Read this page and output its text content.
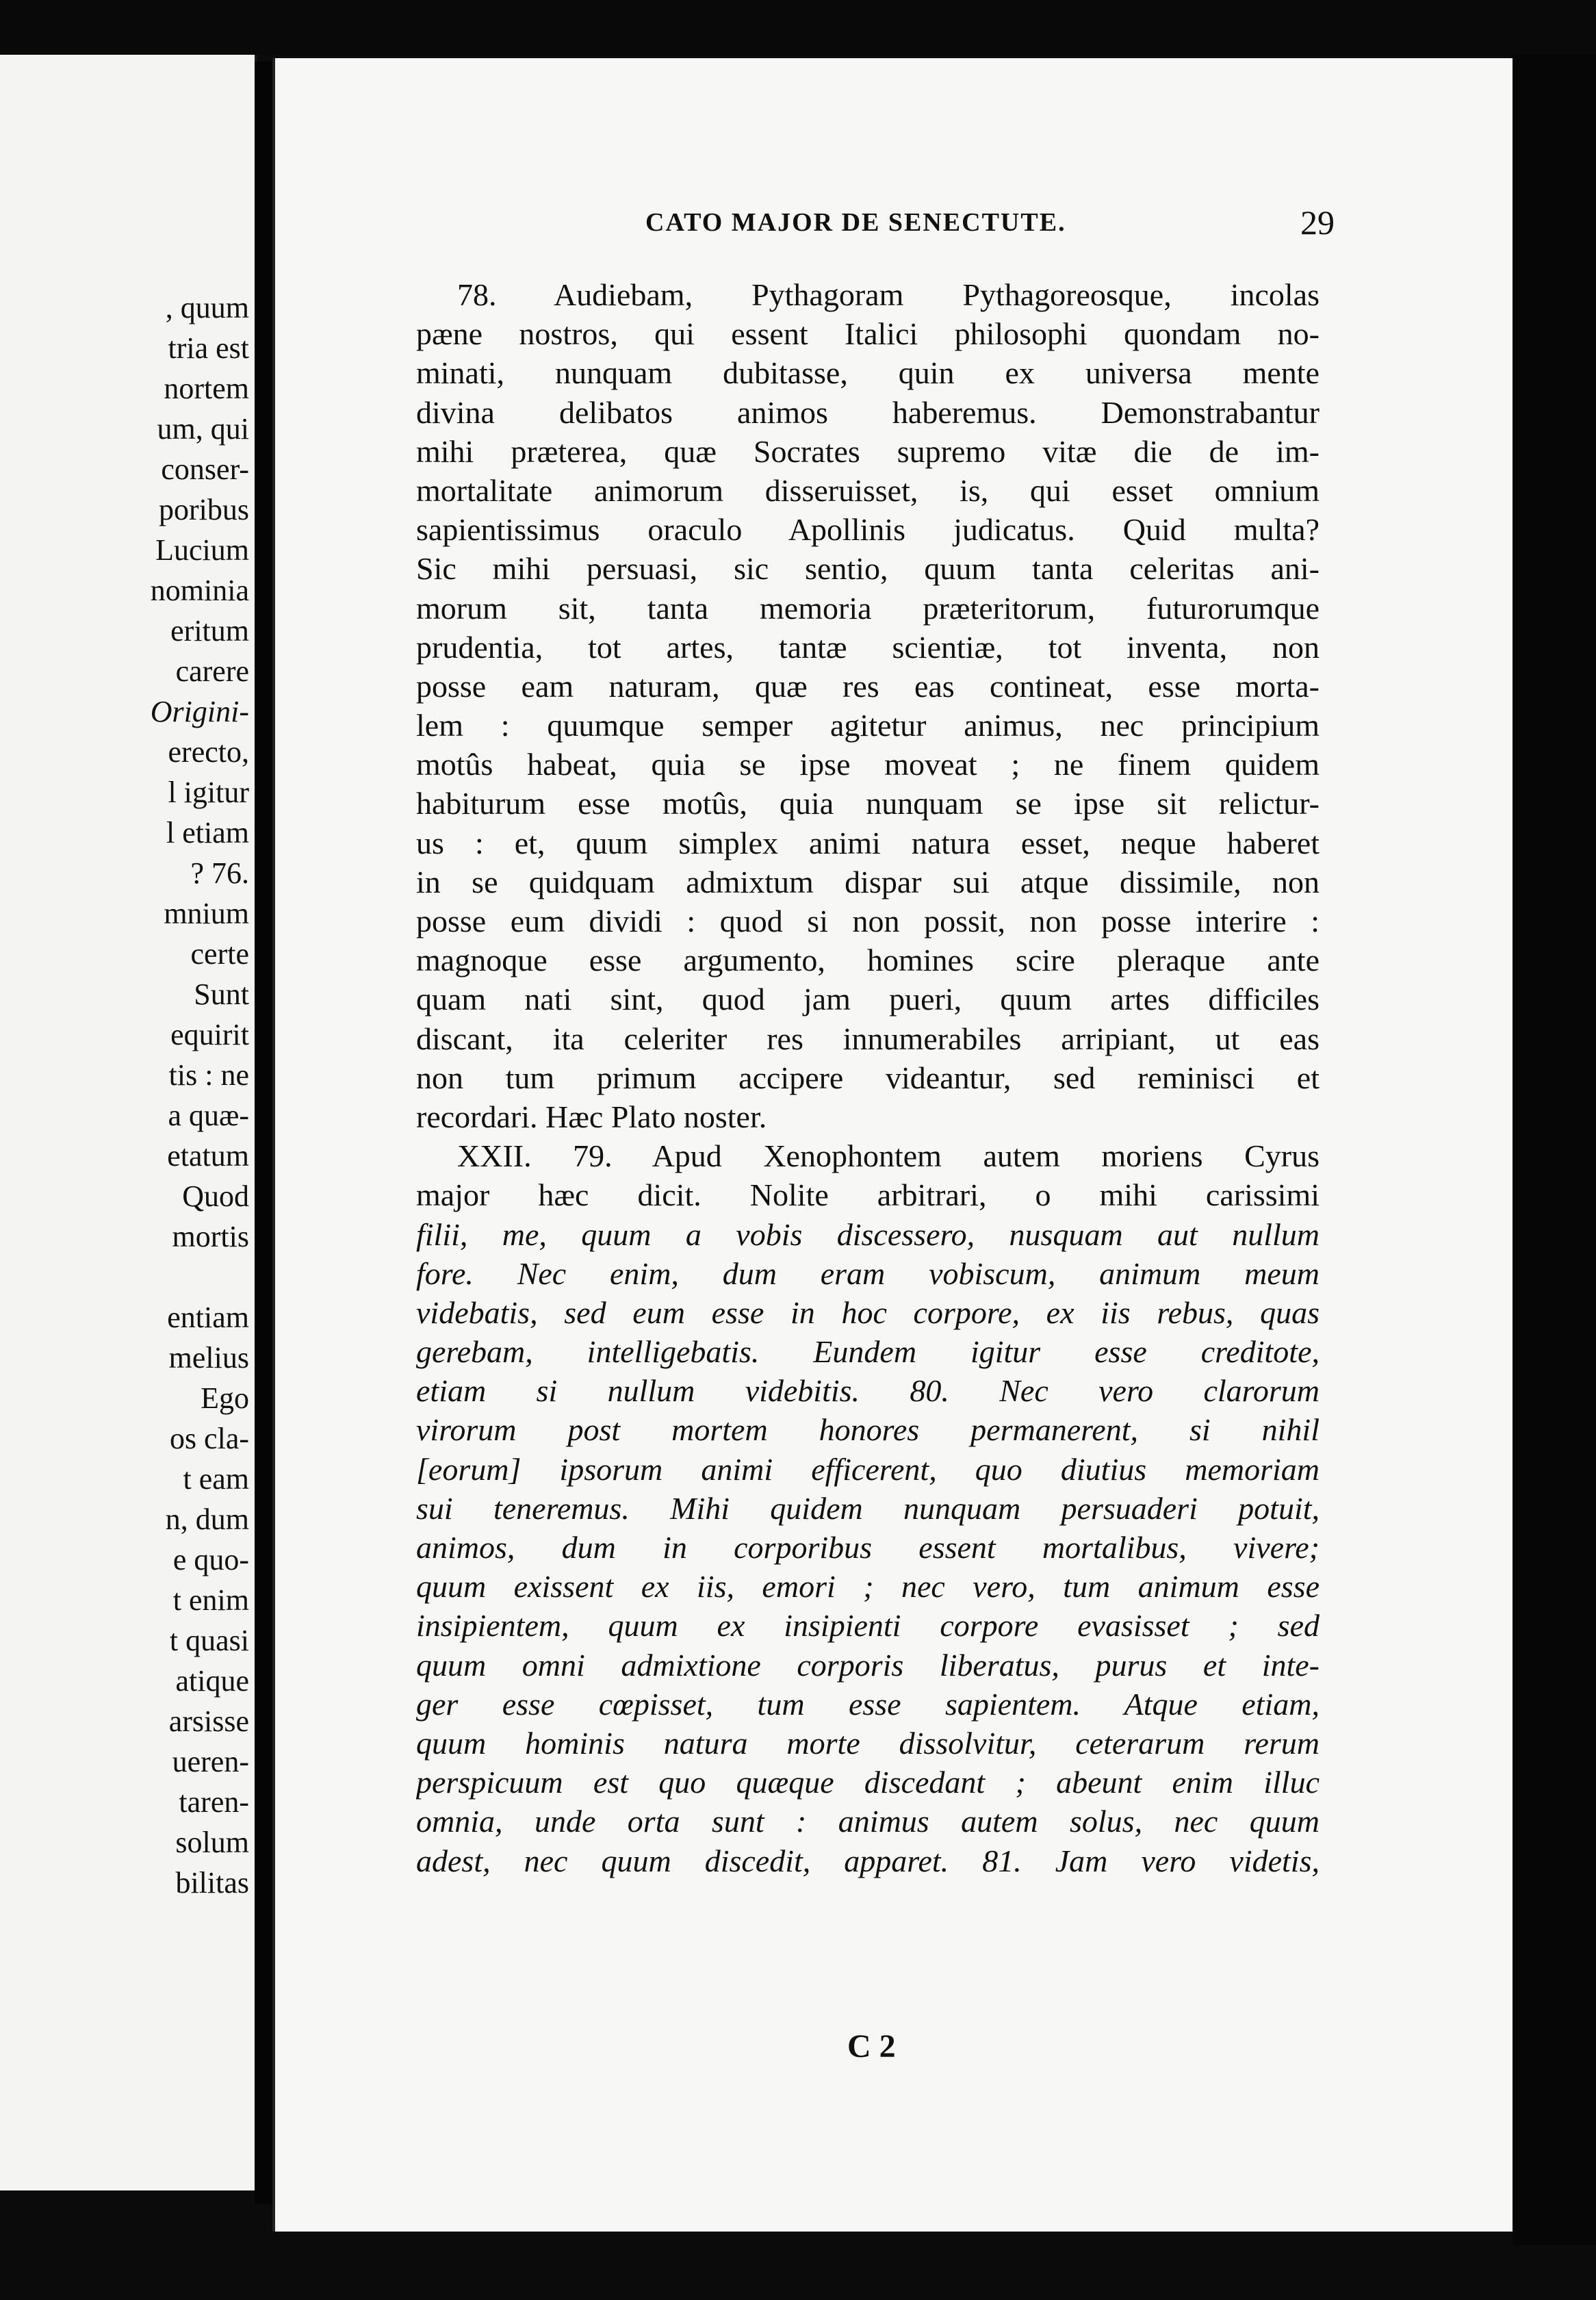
, quum
tria est
nortem
um, qui
conser-
poribus
Lucium
nominia
eritum
carere
Origini-
erecto,
l igitur
l etiam
? 76.
mnium
certe
Sunt
equirit
tis : ne
a quæ-
etatum
Quod
mortis
entiam
melius
Ego
os cla-
t eam
n, dum
e quo-
t enim
t quasi
atique
arsisse
ueren-
taren-
solum
bilitas
CATO MAJOR DE SENECTUTE.	29
78. Audiebam, Pythagoram Pythagoreosque, incolas
pæne nostros, qui essent Italici philosophi quondam no-
minati, nunquam dubitasse, quin ex universa mente
divina delibatos animos haberemus. Demonstrabantur
mihi præterea, quæ Socrates supremo vitæ die de im-
mortalitate animorum disseruisset, is, qui esset omnium
sapientissimus oraculo Apollinis judicatus. Quid multa?
Sic mihi persuasi, sic sentio, quum tanta celeritas ani-
morum sit, tanta memoria præteritorum, futurorumque
prudentia, tot artes, tantæ scientiæ, tot inventa, non
posse eam naturam, quæ res eas contineat, esse morta-
lem : quumque semper agitetur animus, nec principium
motûs habeat, quia se ipse moveat ; ne finem quidem
habiturum esse motûs, quia nunquam se ipse sit relictur-
us : et, quum simplex animi natura esset, neque haberet
in se quidquam admixtum dispar sui atque dissimile, non
posse eum dividi : quod si non possit, non posse interire :
magnoque esse argumento, homines scire pleraque ante
quam nati sint, quod jam pueri, quum artes difficiles
discant, ita celeriter res innumerabiles arripiant, ut eas
non tum primum accipere videantur, sed reminisci et
recordari. Hæc Plato noster.
XXII. 79. Apud Xenophontem autem moriens Cyrus
major hæc dicit. Nolite arbitrari, o mihi carissimi
filii, me, quum a vobis discessero, nusquam aut nullum
fore. Nec enim, dum eram vobiscum, animum meum
videbatis, sed eum esse in hoc corpore, ex iis rebus, quas
gerebam, intelligebatis. Eundem igitur esse creditote,
etiam si nullum videbitis. 80. Nec vero clarorum
virorum post mortem honores permanerent, si nihil
[eorum] ipsorum animi efficerent, quo diutius memoriam
sui teneremus. Mihi quidem nunquam persuaderi potuit,
animos, dum in corporibus essent mortalibus, vivere;
quum exissent ex iis, emori ; nec vero, tum animum esse
insipientem, quum ex insipienti corpore evasisset ; sed
quum omni admixtione corporis liberatus, purus et inte-
ger esse cœpisset, tum esse sapientem. Atque etiam,
quum hominis natura morte dissolvitur, ceterarum rerum
perspicuum est quo quæque discedant ; abeunt enim illuc
omnia, unde orta sunt : animus autem solus, nec quum
adest, nec quum discedit, apparet. 81. Jam vero videtis,
C 2
